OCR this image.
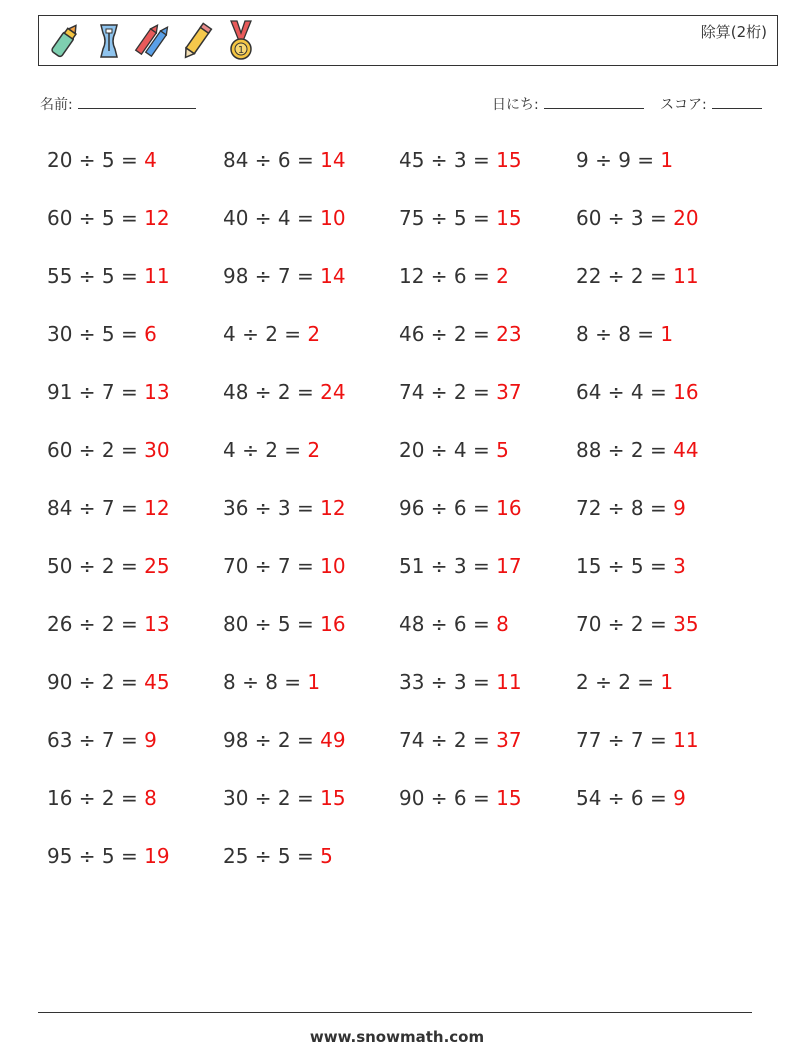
1
除算(2桁)
名前:	日にち:	スコア:
20 ÷ 5 = 4	84 ÷ 6 = 14	45 ÷ 3 = 15	9 ÷ 9 = 1
60 ÷ 5 = 12	40 ÷ 4 = 10	75 ÷ 5 = 15	60 ÷ 3 = 20
55 ÷ 5 = 11	98 ÷ 7 = 14	12 ÷ 6 = 2	22 ÷ 2 = 11
30 ÷ 5 = 6	4 ÷ 2 = 2	46 ÷ 2 = 23	8 ÷ 8 = 1
91 ÷ 7 = 13	48 ÷ 2 = 24	74 ÷ 2 = 37	64 ÷ 4 = 16
60 ÷ 2 = 30	4 ÷ 2 = 2	20 ÷ 4 = 5	88 ÷ 2 = 44
84 ÷ 7 = 12	36 ÷ 3 = 12	96 ÷ 6 = 16	72 ÷ 8 = 9
50 ÷ 2 = 25	70 ÷ 7 = 10	51 ÷ 3 = 17	15 ÷ 5 = 3
26 ÷ 2 = 13	80 ÷ 5 = 16	48 ÷ 6 = 8	70 ÷ 2 = 35
90 ÷ 2 = 45	8 ÷ 8 = 1	33 ÷ 3 = 11	2 ÷ 2 = 1
63 ÷ 7 = 9	98 ÷ 2 = 49	74 ÷ 2 = 37	77 ÷ 7 = 11
16 ÷ 2 = 8	30 ÷ 2 = 15	90 ÷ 6 = 15	54 ÷ 6 = 9
95 ÷ 5 = 19	25 ÷ 5 = 5
www.snowmath.com
